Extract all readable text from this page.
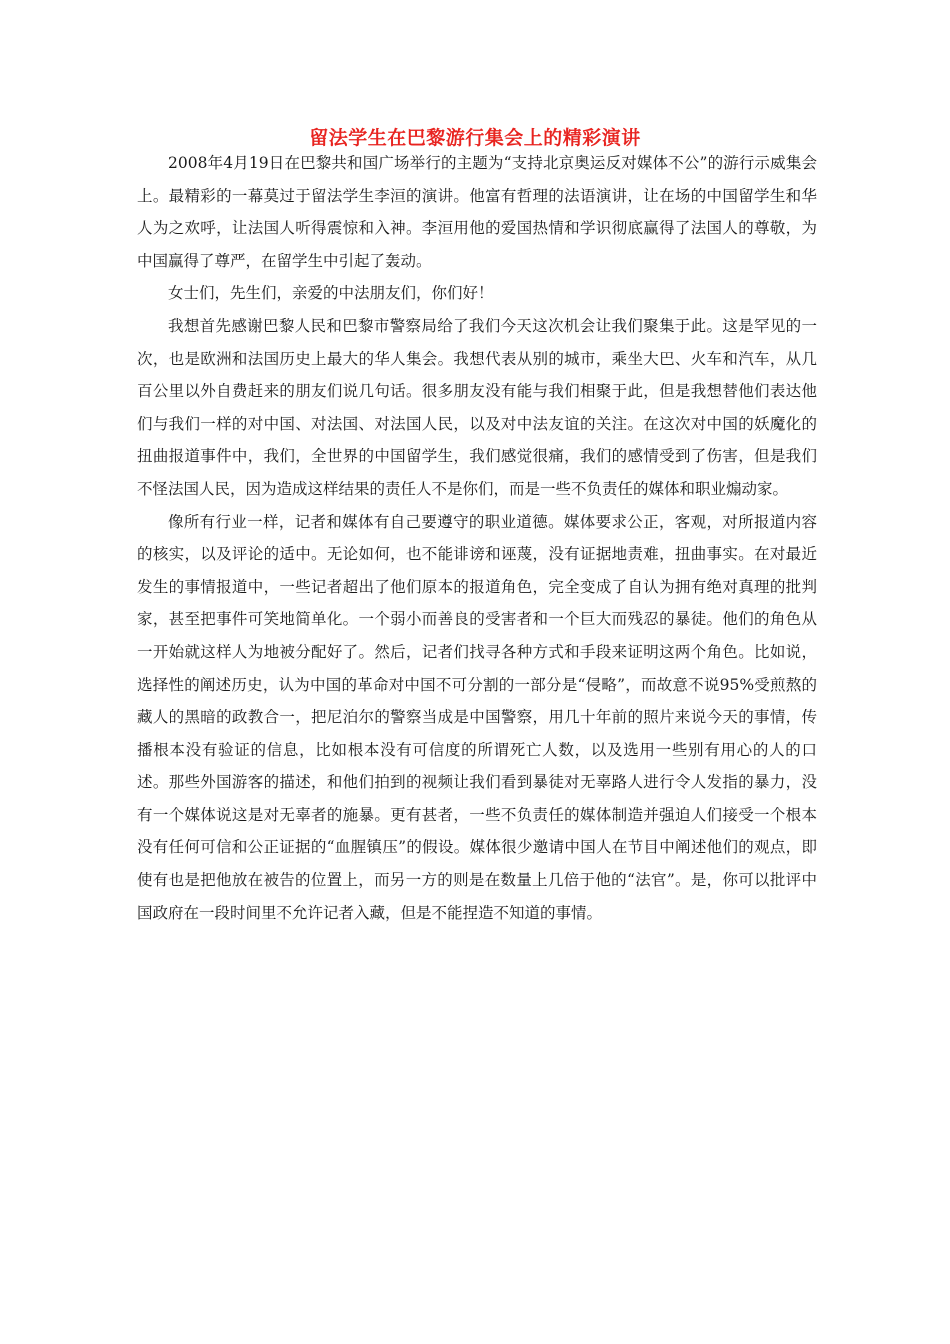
留法学生在巴黎游行集会上的精彩演讲

2008年4月19日在巴黎共和国广场举行的主题为“支持北京奥运反对媒体不公”的游行示威集会上。最精彩的一幕莫过于留法学生李洹的演讲。他富有哲理的法语演讲，让在场的中国留学生和华人为之欢呼，让法国人听得震惊和入神。李洹用他的爱国热情和学识彻底赢得了法国人的尊敬，为中国赢得了尊严，在留学生中引起了轰动。

女士们，先生们，亲爱的中法朋友们，你们好！

我想首先感谢巴黎人民和巴黎市警察局给了我们今天这次机会让我们聚集于此。这是罕见的一次，也是欧洲和法国历史上最大的华人集会。我想代表从别的城市，乘坐大巴、火车和汽车，从几百公里以外自费赶来的朋友们说几句话。很多朋友没有能与我们相聚于此，但是我想替他们表达他们与我们一样的对中国、对法国、对法国人民，以及对中法友谊的关注。在这次对中国的妖魔化的扭曲报道事件中，我们，全世界的中国留学生，我们感觉很痛，我们的感情受到了伤害，但是我们不怪法国人民，因为造成这样结果的责任人不是你们，而是一些不负责任的媒体和职业煽动家。

像所有行业一样，记者和媒体有自己要遵守的职业道德。媒体要求公正，客观，对所报道内容的核实，以及评论的适中。无论如何，也不能诽谤和诬蔑，没有证据地责难，扭曲事实。在对最近发生的事情报道中，一些记者超出了他们原本的报道角色，完全变成了自认为拥有绝对真理的批判家，甚至把事件可笑地简单化。一个弱小而善良的受害者和一个巨大而残忍的暴徒。他们的角色从一开始就这样人为地被分配好了。然后，记者们找寻各种方式和手段来证明这两个角色。比如说，选择性的阐述历史，认为中国的革命对中国不可分割的一部分是“侵略”，而故意不说95%受煎熬的藏人的黑暗的政教合一，把尼泊尔的警察当成是中国警察，用几十年前的照片来说今天的事情，传播根本没有验证的信息，比如根本没有可信度的所谓死亡人数，以及选用一些别有用心的人的口述。那些外国游客的描述，和他们拍到的视频让我们看到暴徒对无辜路人进行令人发指的暴力，没有一个媒体说这是对无辜者的施暴。更有甚者，一些不负责任的媒体制造并强迫人们接受一个根本没有任何可信和公正证据的“血腥镇压”的假设。媒体很少邀请中国人在节目中阐述他们的观点，即使有也是把他放在被告的位置上，而另一方的则是在数量上几倍于他的“法官”。是，你可以批评中国政府在一段时间里不允许记者入藏，但是不能捏造不知道的事情。
